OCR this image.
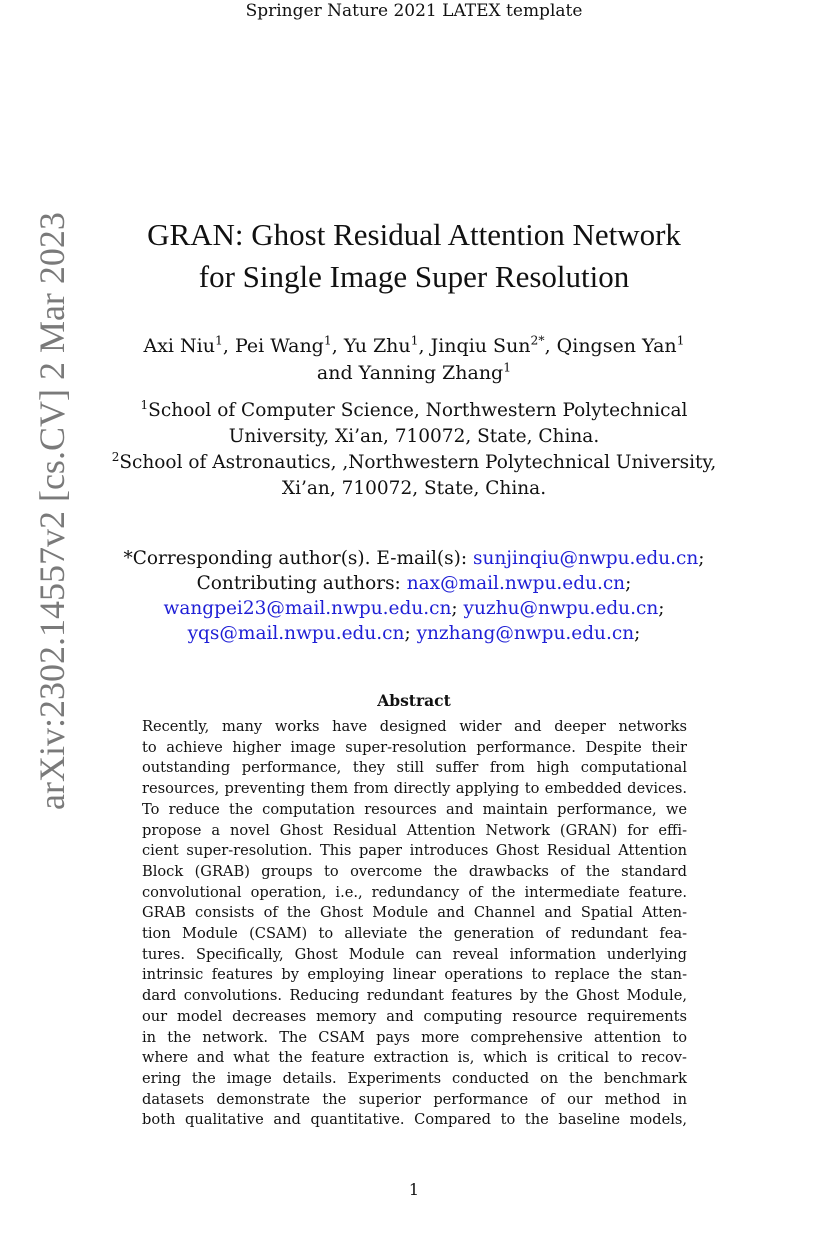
Springer Nature 2021 LATEX template
arXiv:2302.14557v2 [cs.CV] 2 Mar 2023	GRAN: Ghost Residual Attention Network
for Single Image Super Resolution
Axi Niu$^1$, Pei Wang$^1$, Yu Zhu$^1$, Jinqiu Sun$^{2*}$, Qingsen Yan$^1$
and Yanning Zhang$^1$
$^1$School of Computer Science, Northwestern Polytechnical
University, Xi’an, 710072, State, China.
$^2$School of Astronautics, ,Northwestern Polytechnical University,
Xi’an, 710072, State, China.
*Corresponding author(s). E-mail(s): sunjinqiu@nwpu.edu.cn;
Contributing authors: nax@mail.nwpu.edu.cn;
wangpei23@mail.nwpu.edu.cn; yuzhu@nwpu.edu.cn;
yqs@mail.nwpu.edu.cn; ynzhang@nwpu.edu.cn;
Abstract
Recently, many works have designed wider and deeper networks
to achieve higher image super-resolution performance. Despite their
outstanding performance, they still suffer from high computational
resources, preventing them from directly applying to embedded devices.
To reduce the computation resources and maintain performance, we
propose a novel Ghost Residual Attention Network (GRAN) for effi-
cient super-resolution. This paper introduces Ghost Residual Attention
Block (GRAB) groups to overcome the drawbacks of the standard
convolutional operation, i.e., redundancy of the intermediate feature.
GRAB consists of the Ghost Module and Channel and Spatial Atten-
tion Module (CSAM) to alleviate the generation of redundant fea-
tures. Specifically, Ghost Module can reveal information underlying
intrinsic features by employing linear operations to replace the stan-
dard convolutions. Reducing redundant features by the Ghost Module,
our model decreases memory and computing resource requirements
in the network. The CSAM pays more comprehensive attention to
where and what the feature extraction is, which is critical to recov-
ering the image details. Experiments conducted on the benchmark
datasets demonstrate the superior performance of our method in
both qualitative and quantitative. Compared to the baseline models,
1
